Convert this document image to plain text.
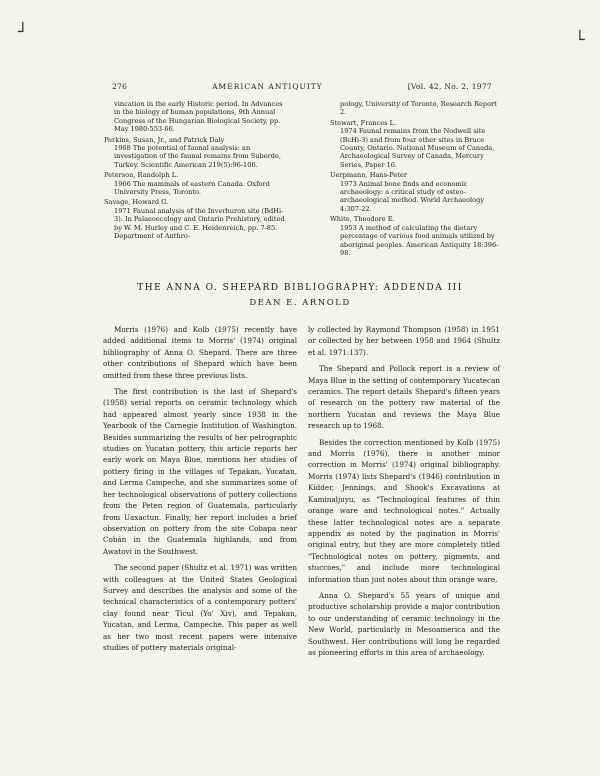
┘	└
276	AMERICAN ANTIQUITY	[Vol. 42, No. 2, 1977
vincation in the early Historic period. In Advances in the biology of human populations, 9th Annual Congress of the Hungarian Biological Society, pp. May 1980:553-66.
Perkins, Susan, Jr., and Patrick Daly
1968 The potential of faunal analysis: an investigation of the faunal remains from Suberde, Turkey. Scientific American 219(5):96-106.
Peterson, Randolph L.
1966 The mammals of eastern Canada. Oxford University Press, Toronto.
Savage, Howard G.
1971 Faunal analysis of the Inverhuron site (BdHi-3). In Palaeoecology and Ontario Prehistory, edited by W. M. Hurley and C. E. Heidenreich, pp. 7-85. Department of Anthro-
pology, University of Toronto, Research Report 2.
Stewart, Frances L.
1974 Faunal remains from the Nodwell site (BcHi-3) and from four other sites in Bruce County, Ontario. National Museum of Canada, Archaeological Survey of Canada, Mercury Series, Paper 16.
Uerpmann, Hans-Peter
1973 Animal bone finds and economic archaeology: a critical study of osteo-archaeological method. World Archaeology 4:307-22.
White, Theodore E.
1953 A method of calculating the dietary percentage of various food animals utilized by aboriginal peoples. American Antiquity 18:396-98.
THE ANNA O. SHEPARD BIBLIOGRAPHY: ADDENDA III
DEAN E. ARNOLD

Morris (1976) and Kolb (1975) recently have added additional items to Morris' (1974) original bibliography of Anna O. Shepard. There are three other contributions of Shepard which have been omitted from these three previous lists.

The first contribution is the last of Shepard's (1958) serial reports on ceramic technology which had appeared almost yearly since 1938 in the Yearbook of the Carnegie Institution of Washington. Besides summarizing the results of her petrographic studies on Yucatan pottery, this article reports her early work on Maya Blue, mentions her studies of pottery firing in the villages of Tepakan, Yucatan, and Lerma Campeche, and she summarizes some of her technological observations of pottery collections from the Peten region of Guatemala, particularly from Uaxactun. Finally, her report includes a brief observation on pottery from the site Cobapa near Cobán in the Guatemala highlands, and from Awatovi in the Southwest.

The second paper (Shultz et al. 1971) was written with colleagues at the United States Geological Survey and describes the analysis and some of the technical characteristics of a contemporary potters' clay found near Ticul (Yo' Xiv), and Tepakan, Yucatan, and Lerma, Campeche. This paper as well as her two most recent papers were intensive studies of pottery materials original-

ly collected by Raymond Thompson (1958) in 1951 or collected by her between 1958 and 1964 (Shultz et al. 1971:137).

The Shepard and Pollock report is a review of Maya Blue in the setting of contemporary Yucatecan ceramics. The report details Shepard's fifteen years of research on the pottery raw material of the northern Yucatan and reviews the Maya Blue research up to 1968.

Besides the correction mentioned by Kolb (1975) and Morris (1976), there is another minor correction in Morris' (1974) original bibliography. Morris (1974) lists Shepard's (1946) contribution in Kidder, Jennings, and Shook's Excavations at Kaminaljuyu, as "Technological features of thin orange ware and technological notes." Actually these latter technological notes are a separate appendix as noted by the pagination in Morris' original entry, but they are more completely titled "Technological notes on pottery, pigments, and stuccoes," and include more technological information than just notes about thin orange ware.

Anna O. Shepard's 55 years of unique and productive scholarship provide a major contribution to our understanding of ceramic technology in the New World, particularly in Mesoamerica and the Southwest. Her contributions will long be regarded as pioneering efforts in this area of archaeology.
